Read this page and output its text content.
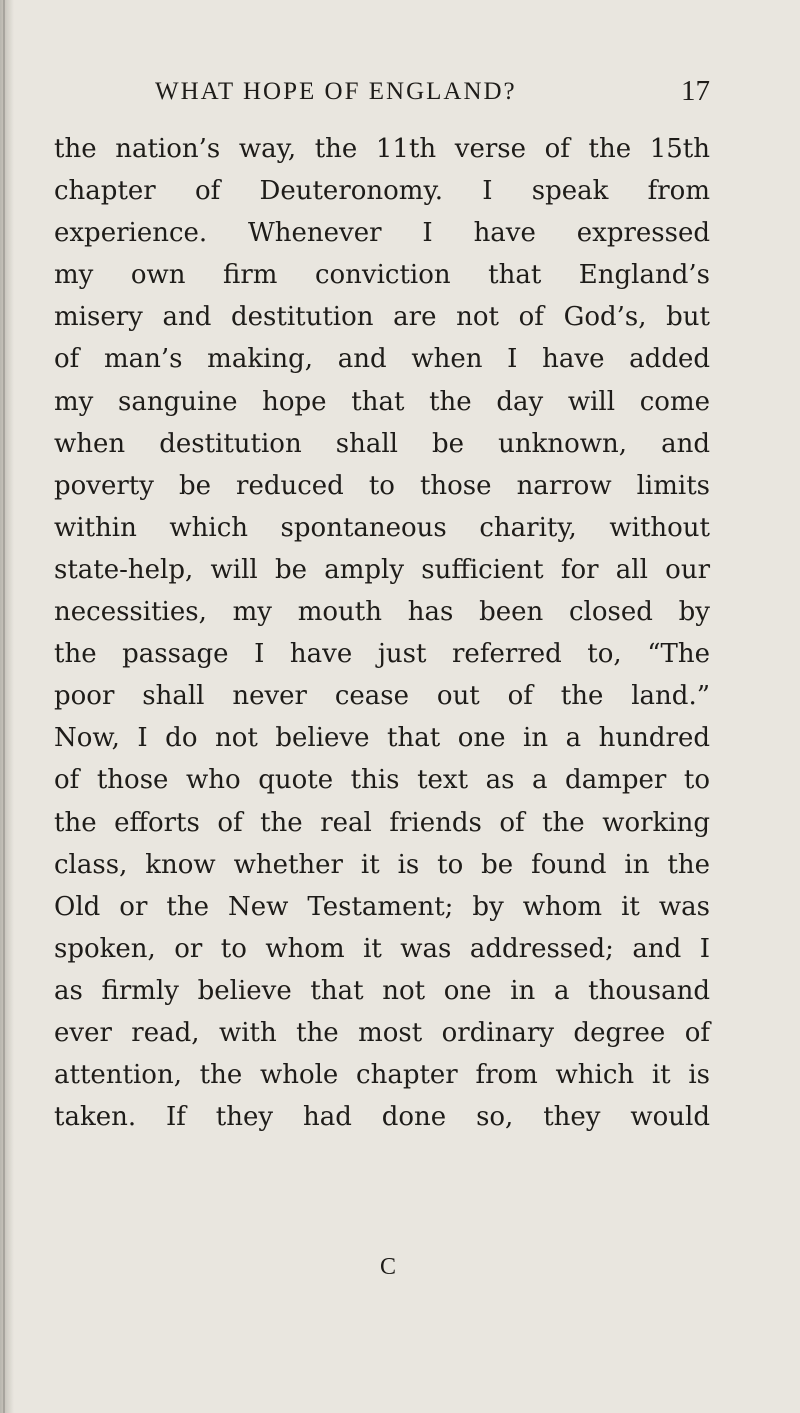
WHAT HOPE OF ENGLAND?	17
the nation’s way, the 11th verse of the 15th
chapter of Deuteronomy. I speak from
experience. Whenever I have expressed
my own firm conviction that England’s
misery and destitution are not of God’s, but
of man’s making, and when I have added
my sanguine hope that the day will come
when destitution shall be unknown, and
poverty be reduced to those narrow limits
within which spontaneous charity, without
state-help, will be amply sufficient for all our
necessities, my mouth has been closed by
the passage I have just referred to, “The
poor shall never cease out of the land.”
Now, I do not believe that one in a hundred
of those who quote this text as a damper to
the efforts of the real friends of the working
class, know whether it is to be found in the
Old or the New Testament; by whom it was
spoken, or to whom it was addressed; and I
as firmly believe that not one in a thousand
ever read, with the most ordinary degree of
attention, the whole chapter from which it is
taken. If they had done so, they would
C
